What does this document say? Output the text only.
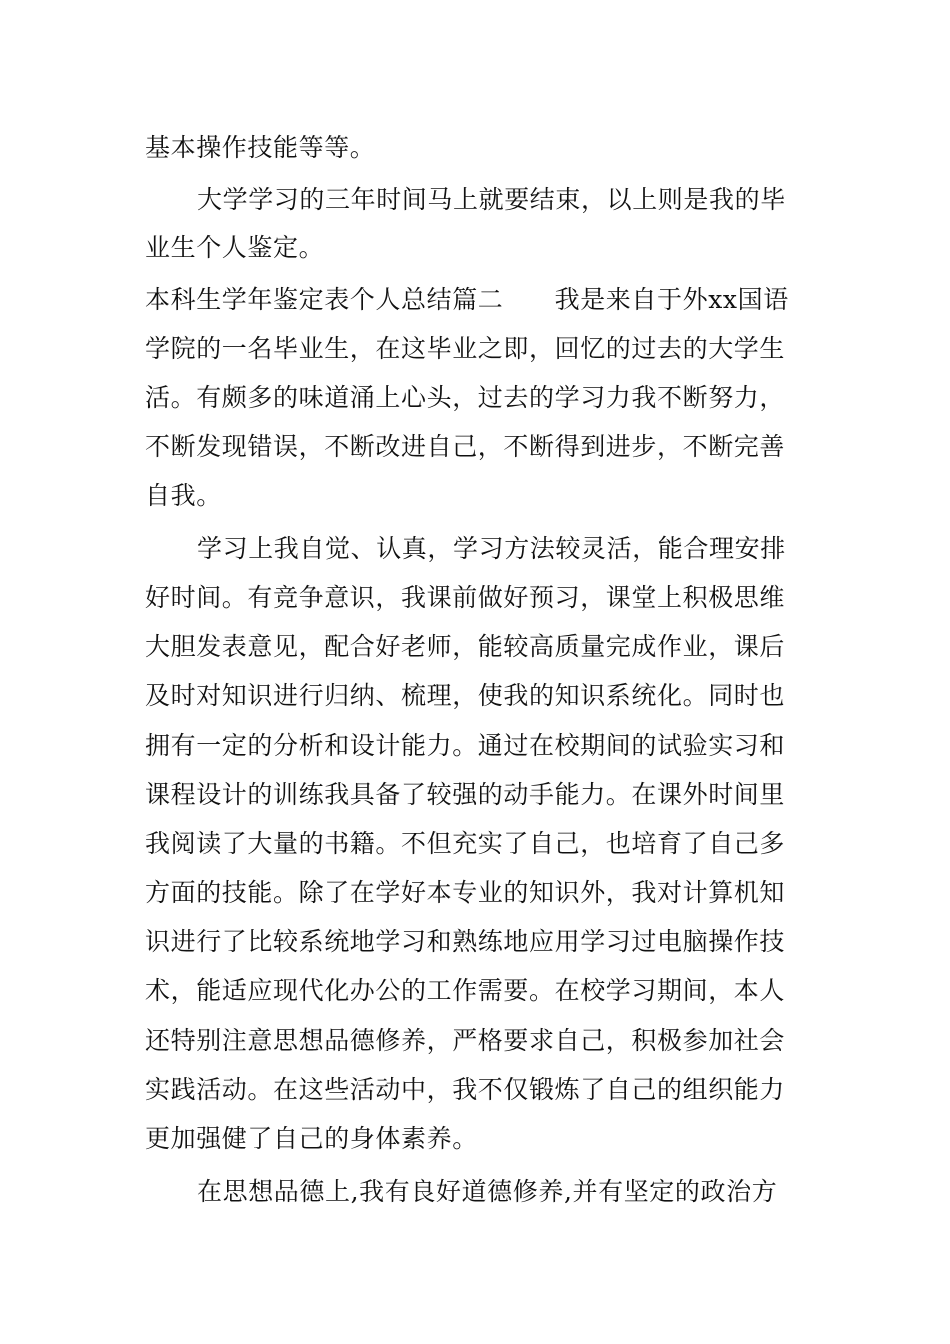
基本操作技能等等。
大学学习的三年时间马上就要结束，以上则是我的毕
业生个人鉴定。
本科生学年鉴定表个人总结篇二　　我是来自于外xx国语
学院的一名毕业生，在这毕业之即，回忆的过去的大学生
活。有颇多的味道涌上心头，过去的学习力我不断努力，
不断发现错误，不断改进自己，不断得到进步，不断完善
自我。
学习上我自觉、认真，学习方法较灵活，能合理安排
好时间。有竞争意识，我课前做好预习，课堂上积极思维
大胆发表意见，配合好老师，能较高质量完成作业，课后
及时对知识进行归纳、梳理，使我的知识系统化。同时也
拥有一定的分析和设计能力。通过在校期间的试验实习和
课程设计的训练我具备了较强的动手能力。在课外时间里
我阅读了大量的书籍。不但充实了自己，也培育了自己多
方面的技能。除了在学好本专业的知识外，我对计算机知
识进行了比较系统地学习和熟练地应用学习过电脑操作技
术，能适应现代化办公的工作需要。在校学习期间，本人
还特别注意思想品德修养，严格要求自己，积极参加社会
实践活动。在这些活动中，我不仅锻炼了自己的组织能力
更加强健了自己的身体素养。
在思想品德上,我有良好道德修养,并有坚定的政治方
